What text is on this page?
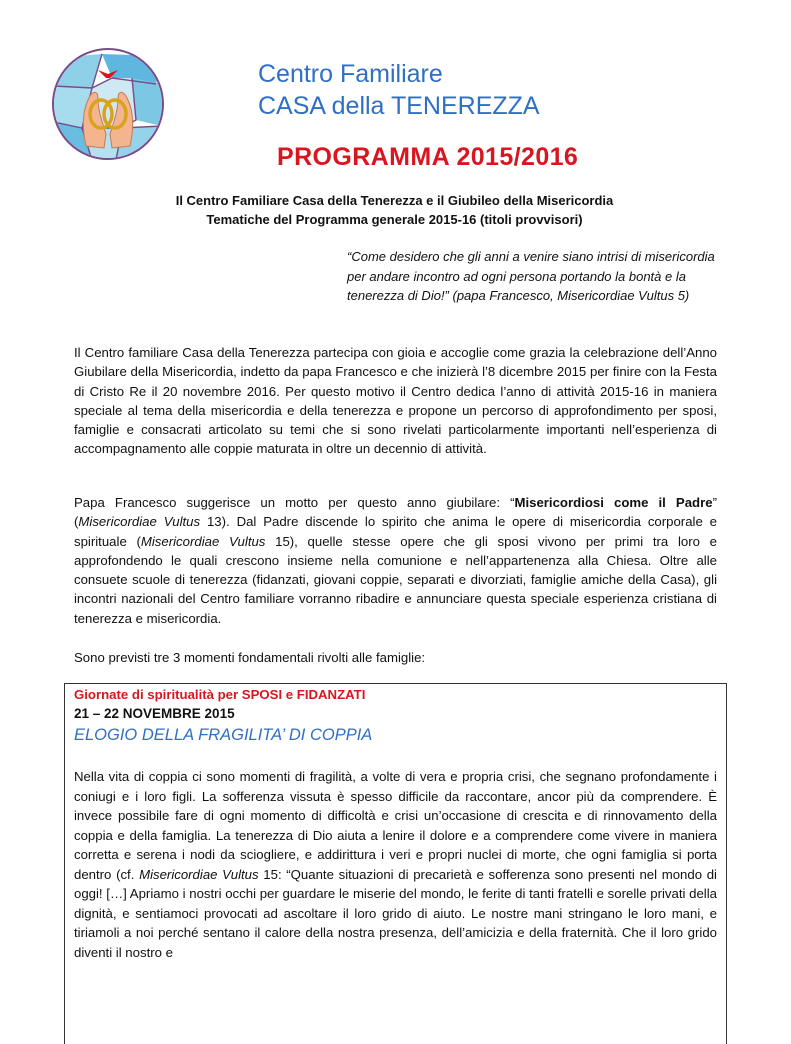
Centro Familiare
CASA della TENEREZZA
PROGRAMMA 2015/2016
Il Centro Familiare Casa della Tenerezza e il Giubileo della Misericordia
Tematiche del Programma generale 2015-16 (titoli provvisori)
“Come desidero che gli anni a venire siano intrisi di misericordia per andare incontro ad ogni persona portando la bontà e la tenerezza di Dio!” (papa Francesco, Misericordiae Vultus 5)
Il Centro familiare Casa della Tenerezza partecipa con gioia e accoglie come grazia la celebrazione dell’Anno Giubilare della Misericordia, indetto da papa Francesco e che inizierà l’8 dicembre 2015 per finire con la Festa di Cristo Re il 20 novembre 2016. Per questo motivo il Centro dedica l’anno di attività 2015-16 in maniera speciale al tema della misericordia e della tenerezza e propone un percorso di approfondimento per sposi, famiglie e consacrati articolato su temi che si sono rivelati particolarmente importanti nell’esperienza di accompagnamento alle coppie maturata in oltre un decennio di attività.
Papa Francesco suggerisce un motto per questo anno giubilare: “Misericordiosi come il Padre” (Misericordiae Vultus 13). Dal Padre discende lo spirito che anima le opere di misericordia corporale e spirituale (Misericordiae Vultus 15), quelle stesse opere che gli sposi vivono per primi tra loro e approfondendo le quali crescono insieme nella comunione e nell’appartenenza alla Chiesa. Oltre alle consuete scuole di tenerezza (fidanzati, giovani coppie, separati e divorziati, famiglie amiche della Casa), gli incontri nazionali del Centro familiare vorranno ribadire e annunciare questa speciale esperienza cristiana di tenerezza e misericordia.
Sono previsti tre 3 momenti fondamentali rivolti alle famiglie:
Giornate di spiritualità per SPOSI e FIDANZATI
21 – 22 NOVEMBRE 2015
ELOGIO DELLA FRAGILITA’ DI COPPIA
Nella vita di coppia ci sono momenti di fragilità, a volte di vera e propria crisi, che segnano profondamente i coniugi e i loro figli. La sofferenza vissuta è spesso difficile da raccontare, ancor più da comprendere. È invece possibile fare di ogni momento di difficoltà e crisi un’occasione di crescita e di rinnovamento della coppia e della famiglia. La tenerezza di Dio aiuta a lenire il dolore e a comprendere come vivere in maniera corretta e serena i nodi da sciogliere, e addirittura i veri e propri nuclei di morte, che ogni famiglia si porta dentro (cf. Misericordiae Vultus 15: “Quante situazioni di precarietà e sofferenza sono presenti nel mondo di oggi! […] Apriamo i nostri occhi per guardare le miserie del mondo, le ferite di tanti fratelli e sorelle privati della dignità, e sentiamoci provocati ad ascoltare il loro grido di aiuto. Le nostre mani stringano le loro mani, e tiriamoli a noi perché sentano il calore della nostra presenza, dell’amicizia e della fraternità. Che il loro grido diventi il nostro e
